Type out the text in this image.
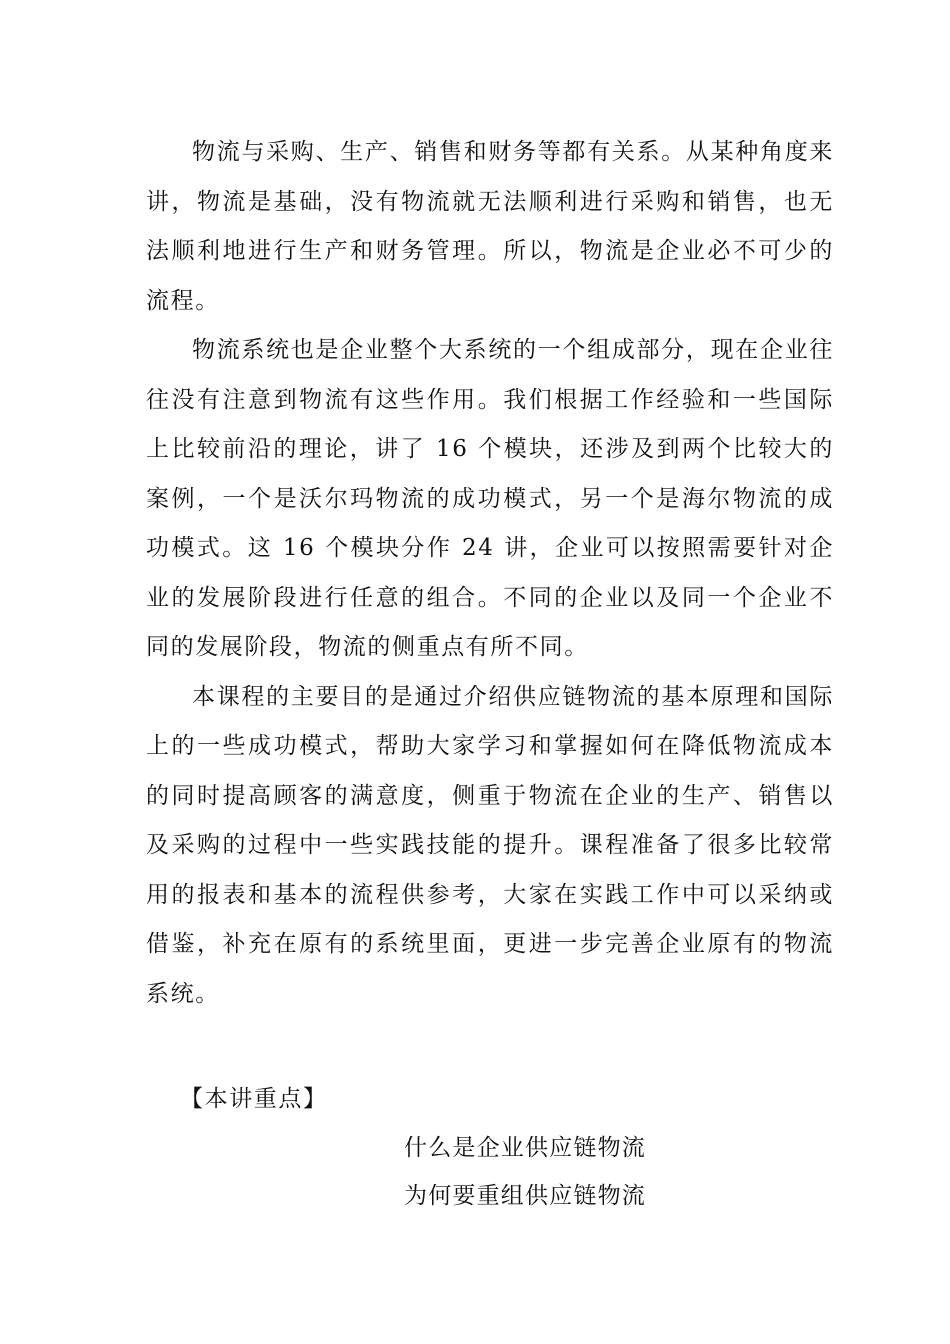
物流与采购、生产、销售和财务等都有关系。从某种角度来讲，物流是基础，没有物流就无法顺利进行采购和销售，也无法顺利地进行生产和财务管理。所以，物流是企业必不可少的流程。

物流系统也是企业整个大系统的一个组成部分，现在企业往往没有注意到物流有这些作用。我们根据工作经验和一些国际上比较前沿的理论，讲了 16 个模块，还涉及到两个比较大的案例，一个是沃尔玛物流的成功模式，另一个是海尔物流的成功模式。这 16 个模块分作 24 讲，企业可以按照需要针对企业的发展阶段进行任意的组合。不同的企业以及同一个企业不同的发展阶段，物流的侧重点有所不同。

本课程的主要目的是通过介绍供应链物流的基本原理和国际上的一些成功模式，帮助大家学习和掌握如何在降低物流成本的同时提高顾客的满意度，侧重于物流在企业的生产、销售以及采购的过程中一些实践技能的提升。课程准备了很多比较常用的报表和基本的流程供参考，大家在实践工作中可以采纳或借鉴，补充在原有的系统里面，更进一步完善企业原有的物流系统。

【本讲重点】

什么是企业供应链物流
为何要重组供应链物流
